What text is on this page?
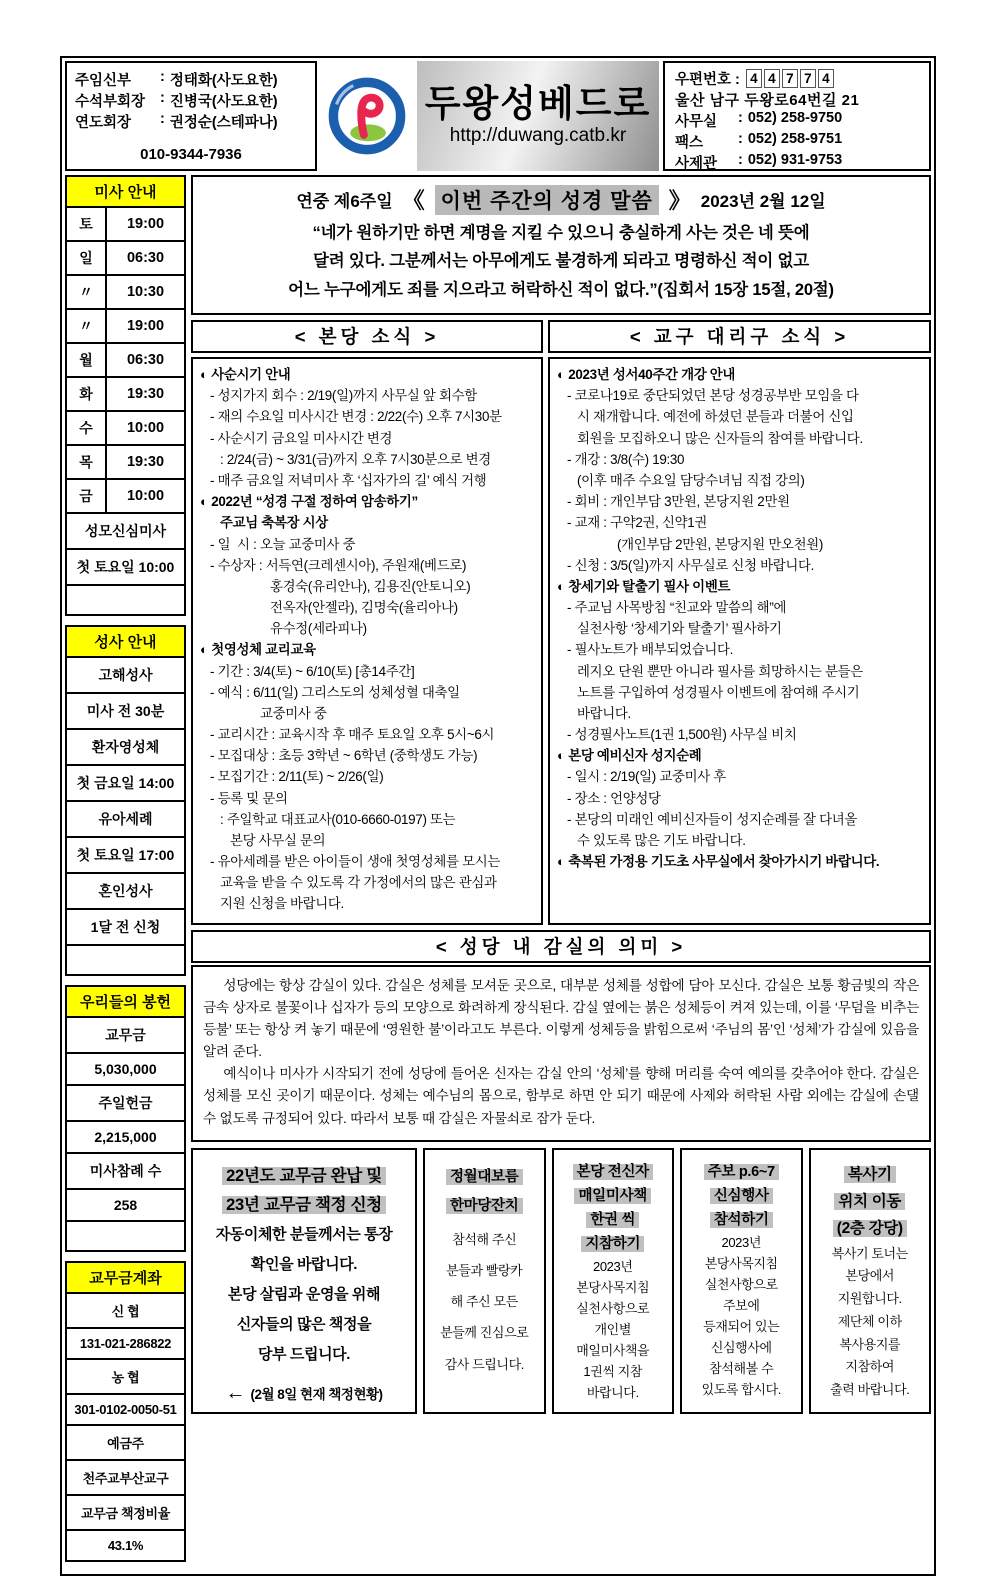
주임신부	: 정태화(사도요한)
수석부회장	: 진병국(사도요한)
연도회장	: 권정순(스테파나)
010-9344-7936
두왕성베드로
http://duwang.catb.kr
우편번호 : 4 4 7 7 4
울산 남구 두왕로64번길 21
사무실	: 052) 258-9750
팩스	: 052) 258-9751
사제관	: 052) 931-9753
미사 안내
토	19:00
일	06:30
〃	10:30
〃	19:00
월	06:30
화	19:30
수	10:00
목	19:30
금	10:00
성모신심미사
첫 토요일 10:00
성사 안내
고해성사
미사 전 30분
환자영성체
첫 금요일 14:00
유아세례
첫 토요일 17:00
혼인성사
1달 전 신청
우리들의 봉헌
교무금
5,030,000
주일헌금
2,215,000
미사참례 수
258
교무금계좌
신 협
131-021-286822
농 협
301-0102-0050-51
예금주
천주교부산교구
교무금 책정비율
43.1%
연중 제6주일 《 이번 주간의 성경 말씀 》 2023년 2월 12일
“네가 원하기만 하면 계명을 지킬 수 있으니 충실하게 사는 것은 네 뜻에
달려 있다. 그분께서는 아무에게도 불경하게 되라고 명령하신 적이 없고
어느 누구에게도 죄를 지으라고 허락하신 적이 없다.”(집회서 15장 15절, 20절)
< 본당 소식 >
◐ 사순시기 안내
- 성지가지 회수 : 2/19(일)까지 사무실 앞 회수함
- 재의 수요일 미사시간 변경 : 2/22(수) 오후 7시30분
- 사순시기 금요일 미사시간 변경
: 2/24(금) ~ 3/31(금)까지 오후 7시30분으로 변경
- 매주 금요일 저녁미사 후 ‘십자가의 길’ 예식 거행
◐ 2022년 “성경 구절 정하여 암송하기”
주교님 축복장 시상
- 일  시 : 오늘 교중미사 중
- 수상자 : 서득연(크레센시아), 주원재(베드로)
홍경숙(유리안나), 김용진(안토니오)
전옥자(안젤라), 김명숙(율리아나)
유수정(세라피나)
◐ 첫영성체 교리교육
- 기간 : 3/4(토) ~ 6/10(토) [총14주간]
- 예식 : 6/11(일) 그리스도의 성체성혈 대축일
교중미사 중
- 교리시간 : 교육시작 후 매주 토요일 오후 5시~6시
- 모집대상 : 초등 3학년 ~ 6학년 (중학생도 가능)
- 모집기간 : 2/11(토) ~ 2/26(일)
- 등록 및 문의
: 주일학교 대표교사(010-6660-0197) 또는
본당 사무실 문의
- 유아세례를 받은 아이들이 생애 첫영성체를 모시는
교육을 받을 수 있도록 각 가정에서의 많은 관심과
지원 신청을 바랍니다.
< 교구 대리구 소식 >
◐ 2023년 성서40주간 개강 안내
- 코로나19로 중단되었던 본당 성경공부반 모임을 다
시 재개합니다. 예전에 하셨던 분들과 더불어 신입
회원을 모집하오니 많은 신자들의 참여를 바랍니다.
- 개강 : 3/8(수) 19:30
(이후 매주 수요일 담당수녀님 직접 강의)
- 회비 : 개인부담 3만원, 본당지원 2만원
- 교재 : 구약2권, 신약1권
(개인부담 2만원, 본당지원 만오천원)
- 신청 : 3/5(일)까지 사무실로 신청 바랍니다.
◐ 창세기와 탈출기 필사 이벤트
- 주교님 사목방침 “친교와 말씀의 해”에
실천사항 ‘창세기와 탈출기’ 필사하기
- 필사노트가 배부되었습니다.
레지오 단원 뿐만 아니라 필사를 희망하시는 분들은
노트를 구입하여 성경필사 이벤트에 참여해 주시기
바랍니다.
- 성경필사노트(1권 1,500원) 사무실 비치
◐ 본당 예비신자 성지순례
- 일시 : 2/19(일) 교중미사 후
- 장소 : 언양성당
- 본당의 미래인 예비신자들이 성지순례를 잘 다녀올
수 있도록 많은 기도 바랍니다.
◐ 축복된 가정용 기도초 사무실에서 찾아가시기 바랍니다.
< 성당 내 감실의 의미 >

성당에는 항상 감실이 있다. 감실은 성체를 모셔둔 곳으로, 대부분 성체를 성합에 담아 모신다. 감실은 보통 황금빛의 작은 금속 상자로 불꽃이나 십자가 등의 모양으로 화려하게 장식된다. 감실 옆에는 붉은 성체등이 켜져 있는데, 이를 ‘무덤을 비추는 등불’ 또는 항상 켜 놓기 때문에 ‘영원한 불’이라고도 부른다. 이렇게 성체등을 밝힘으로써 ‘주님의 몸’인 ‘성체’가 감실에 있음을 알려 준다.

예식이나 미사가 시작되기 전에 성당에 들어온 신자는 감실 안의 ‘성체’를 향해 머리를 숙여 예의를 갖추어야 한다. 감실은 성체를 모신 곳이기 때문이다. 성체는 예수님의 몸으로, 함부로 하면 안 되기 때문에 사제와 허락된 사람 외에는 감실에 손댈 수 없도록 규정되어 있다. 따라서 보통 때 감실은 자물쇠로 잠가 둔다.

22년도 교무금 완납 및
23년 교무금 책정 신청
자동이체한 분들께서는 통장
확인을 바랍니다.
본당 살림과 운영을 위해
신자들의 많은 책정을
당부 드립니다.
← (2월 8일 현재 책정현황)
정월대보름
한마당잔치
참석해 주신
분들과 빨랑카
해 주신 모든
분들께 진심으로
감사 드립니다.
본당 전신자
매일미사책
한권 씩
지참하기
2023년
본당사목지침
실천사항으로
개인별
매일미사책을
1권씩 지참
바랍니다.
주보 p.6~7
신심행사
참석하기
2023년
본당사목지침
실천사항으로
주보에
등재되어 있는
신심행사에
참석해볼 수
있도록 합시다.
복사기
위치 이동
(2층 강당)
복사기 토너는
본당에서
지원합니다.
제단체 이하
복사용지를
지참하여
출력 바랍니다.
